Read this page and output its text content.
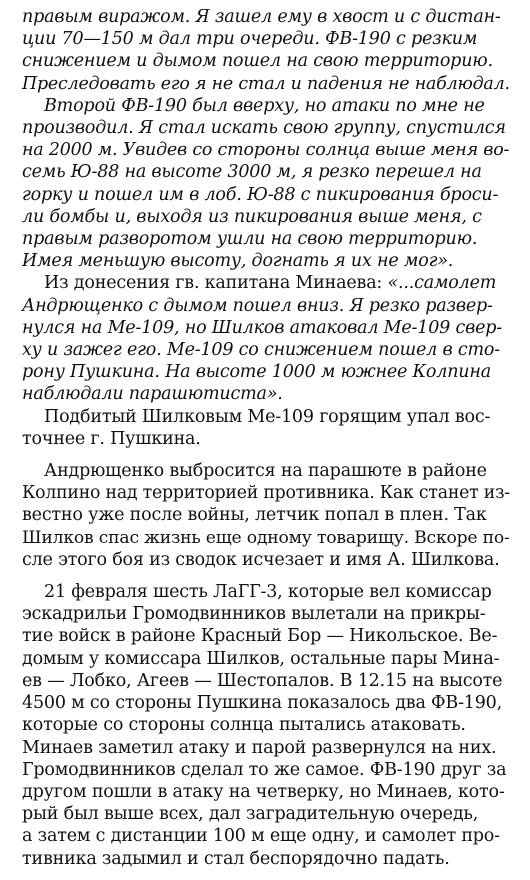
правым виражом. Я зашел ему в хвост и с дистан-
ции 70—150 м дал три очереди. ФВ-190 с резким
снижением и дымом пошел на свою территорию.
Преследовать его я не стал и падения не наблюдал.
Второй ФВ-190 был вверху, но атаки по мне не
производил. Я стал искать свою группу, спустился
на 2000 м. Увидев со стороны солнца выше меня во-
семь Ю-88 на высоте 3000 м, я резко перешел на
горку и пошел им в лоб. Ю-88 с пикирования броси-
ли бомбы и, выходя из пикирования выше меня, с
правым разворотом ушли на свою территорию.
Имея меньшую высоту, догнать я их не мог».
Из донесения гв. капитана Минаева: «...самолет
Андрющенко с дымом пошел вниз. Я резко развер-
нулся на Ме-109, но Шилков атаковал Ме-109 свер-
ху и зажег его. Ме-109 со снижением пошел в сто-
рону Пушкина. На высоте 1000 м южнее Колпина
наблюдали парашютиста».
Подбитый Шилковым Ме-109 горящим упал вос-
точнее г. Пушкина.
Андрющенко выбросится на парашюте в районе
Колпино над территорией противника. Как станет из-
вестно уже после войны, летчик попал в плен. Так
Шилков спас жизнь еще одному товарищу. Вскоре по-
сле этого боя из сводок исчезает и имя А. Шилкова.
21 февраля шесть ЛаГГ-3, которые вел комиссар
эскадрильи Громодвинников вылетали на прикры-
тие войск в районе Красный Бор — Никольское. Ве-
домым у комиссара Шилков, остальные пары Мина-
ев — Лобко, Агеев — Шестопалов. В 12.15 на высоте
4500 м со стороны Пушкина показалось два ФВ-190,
которые со стороны солнца пытались атаковать.
Минаев заметил атаку и парой развернулся на них.
Громодвинников сделал то же самое. ФВ-190 друг за
другом пошли в атаку на четверку, но Минаев, кото-
рый был выше всех, дал заградительную очередь,
а затем с дистанции 100 м еще одну, и самолет про-
тивника задымил и стал беспорядочно падать.
